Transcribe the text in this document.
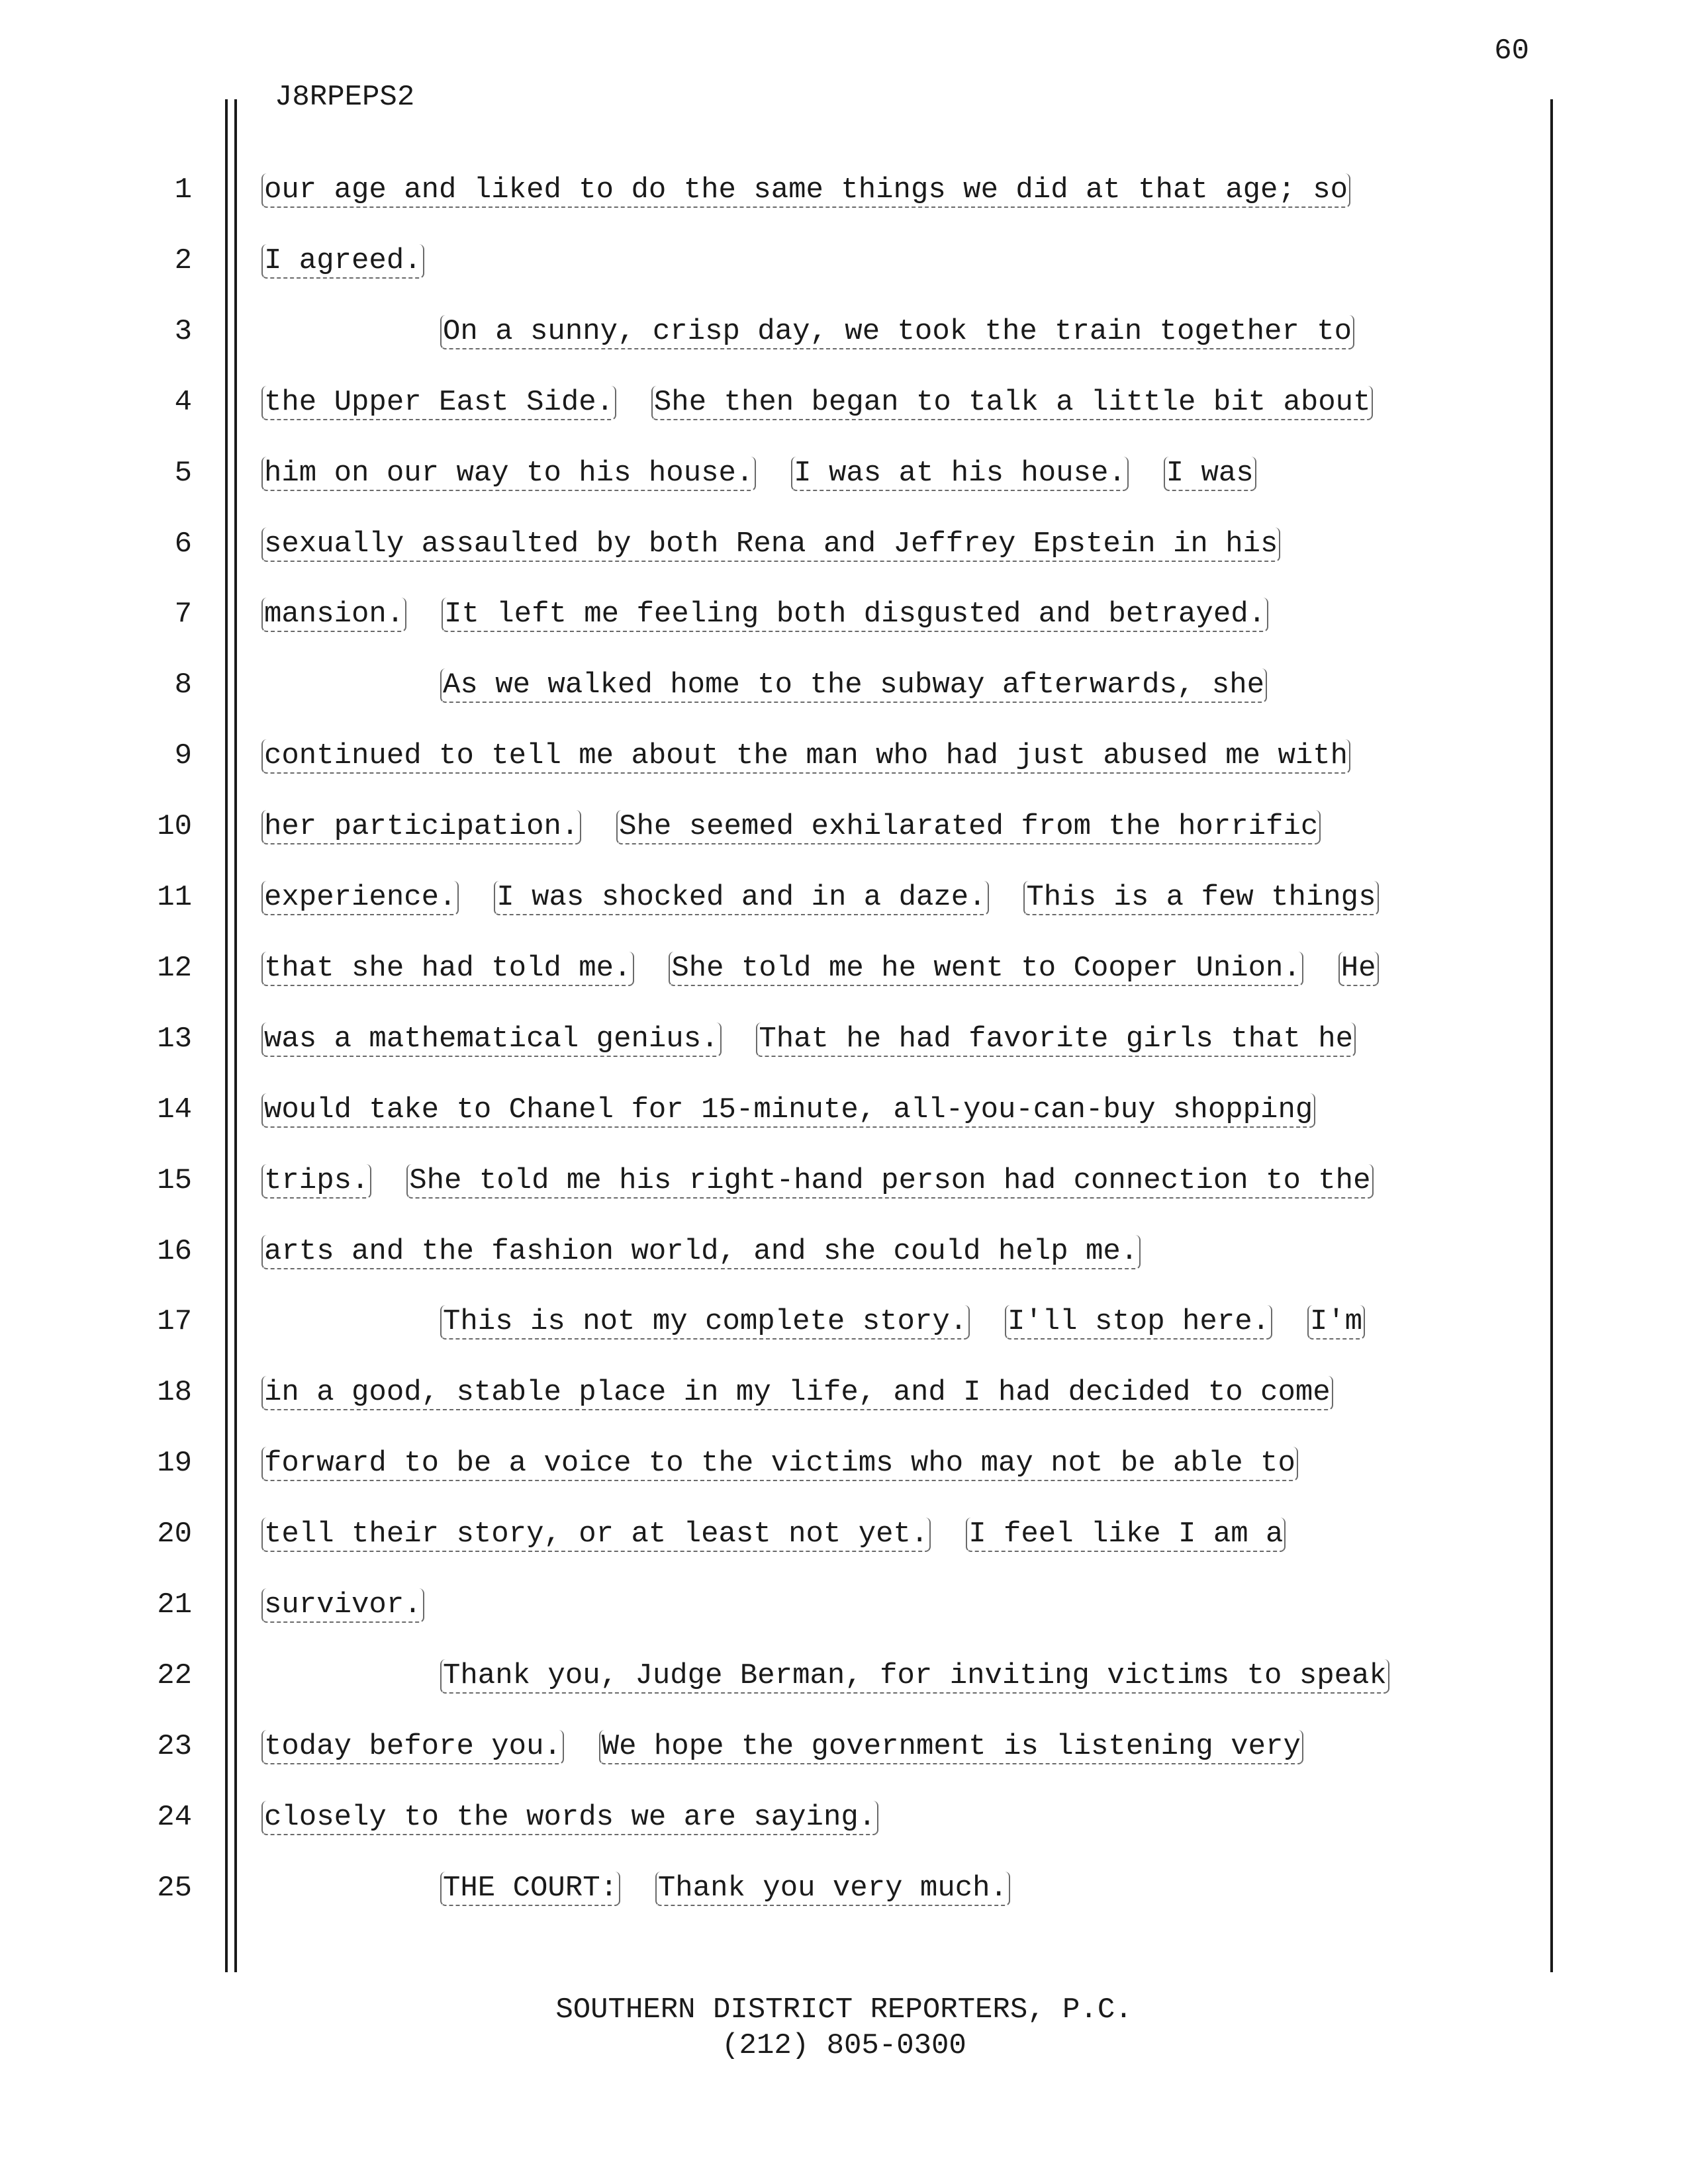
60
J8RPEPS2
1 our age and liked to do the same things we did at that age; so
2 I agreed.
3	On a sunny, crisp day, we took the train together to
4 the Upper East Side. She then began to talk a little bit about
5 him on our way to his house. I was at his house. I was
6 sexually assaulted by both Rena and Jeffrey Epstein in his
7 mansion. It left me feeling both disgusted and betrayed.
8	As we walked home to the subway afterwards, she
9 continued to tell me about the man who had just abused me with
10 her participation. She seemed exhilarated from the horrific
11 experience. I was shocked and in a daze. This is a few things
12 that she had told me. She told me he went to Cooper Union. He
13 was a mathematical genius. That he had favorite girls that he
14 would take to Chanel for 15-minute, all-you-can-buy shopping
15 trips. She told me his right-hand person had connection to the
16 arts and the fashion world, and she could help me.
17	This is not my complete story. I'll stop here. I'm
18 in a good, stable place in my life, and I had decided to come
19 forward to be a voice to the victims who may not be able to
20 tell their story, or at least not yet. I feel like I am a
21 survivor.
22	Thank you, Judge Berman, for inviting victims to speak
23 today before you. We hope the government is listening very
24 closely to the words we are saying.
25	THE COURT: Thank you very much.
SOUTHERN DISTRICT REPORTERS, P.C.
(212) 805-0300
